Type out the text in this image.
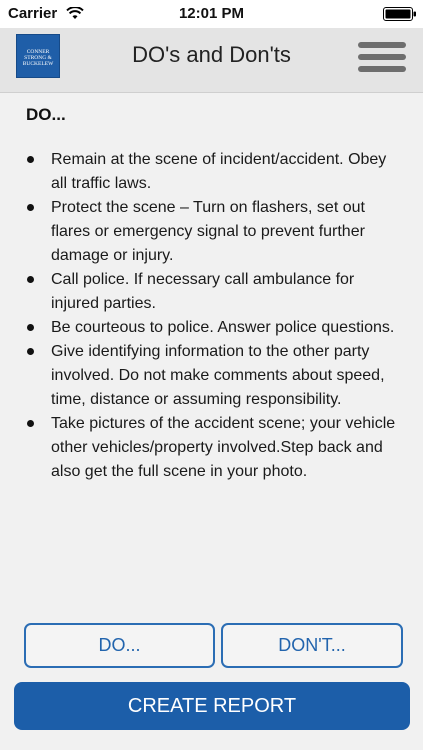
Carrier	12:01 PM
CONNER
STRONG &
BUCKELEW	DO's and Don'ts
DO...
Remain at the scene of incident/accident. Obey all traffic laws.
Protect the scene – Turn on flashers, set out flares or emergency signal to prevent further damage or injury.
Call police. If necessary call ambulance for injured parties.
Be courteous to police. Answer police questions.
Give identifying information to the other party involved. Do not make comments about speed, time, distance or assuming responsibility.
Take pictures of the accident scene; your vehicle other vehicles/property involved.Step back and also get the full scene in your photo.
DO...	DON'T...
CREATE REPORT
